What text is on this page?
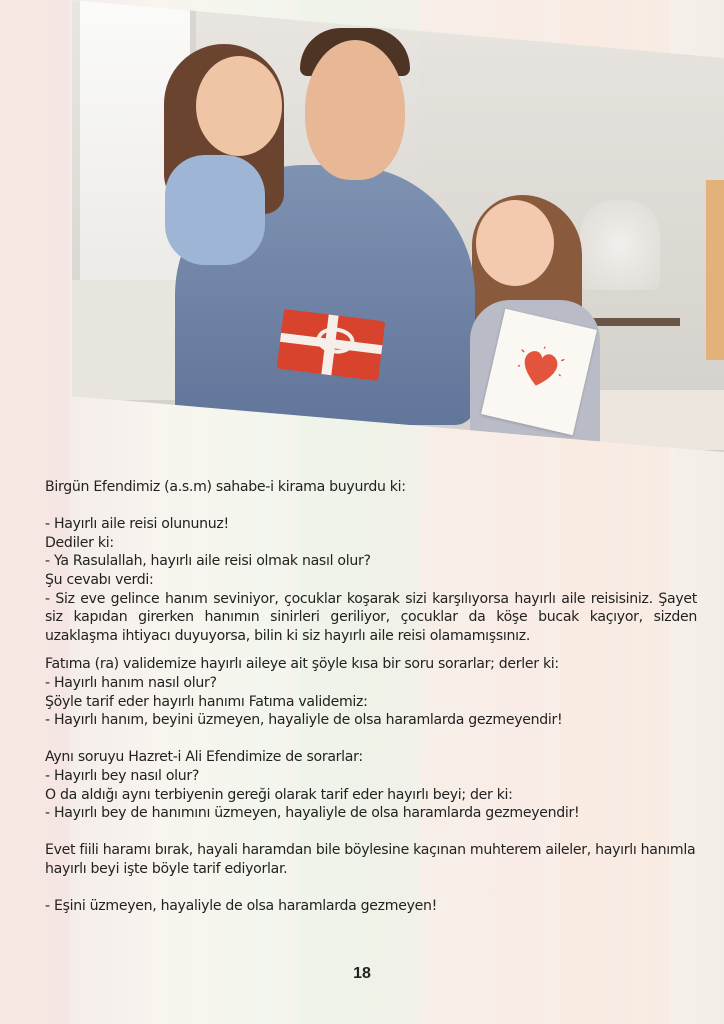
Birgün Efendimiz (a.s.m) sahabe-i kirama buyurdu ki:

- Hayırlı aile reisi olununuz!

Dediler ki:

- Ya Rasulallah, hayırlı aile reisi olmak nasıl olur?

Şu cevabı verdi:

- Siz eve gelince hanım seviniyor, çocuklar koşarak sizi karşılıyorsa hayırlı aile reisisiniz. Şayet siz kapıdan girerken hanımın sinirleri geriliyor, çocuklar da köşe bucak kaçıyor, sizden uzaklaşma ihtiyacı duyuyorsa, bilin ki siz hayırlı aile reisi olamamışsınız.

Fatıma (ra) validemize hayırlı aileye ait şöyle kısa bir soru sorarlar; derler ki:

- Hayırlı hanım nasıl olur?

Şöyle tarif eder hayırlı hanımı Fatıma validemiz:

- Hayırlı hanım, beyini üzmeyen, hayaliyle de olsa haramlarda gezmeyendir!

Aynı soruyu Hazret-i Ali Efendimize de sorarlar:

- Hayırlı bey nasıl olur?

O da aldığı aynı terbiyenin gereği olarak tarif eder hayırlı beyi; der ki:

- Hayırlı bey de hanımını üzmeyen, hayaliyle de olsa haramlarda gezmeyendir!

Evet fiili haramı bırak, hayali haramdan bile böylesine kaçınan muhterem aileler, hayırlı hanımla hayırlı beyi işte böyle tarif ediyorlar.

- Eşini üzmeyen, hayaliyle de olsa haramlarda gezmeyen!

18
